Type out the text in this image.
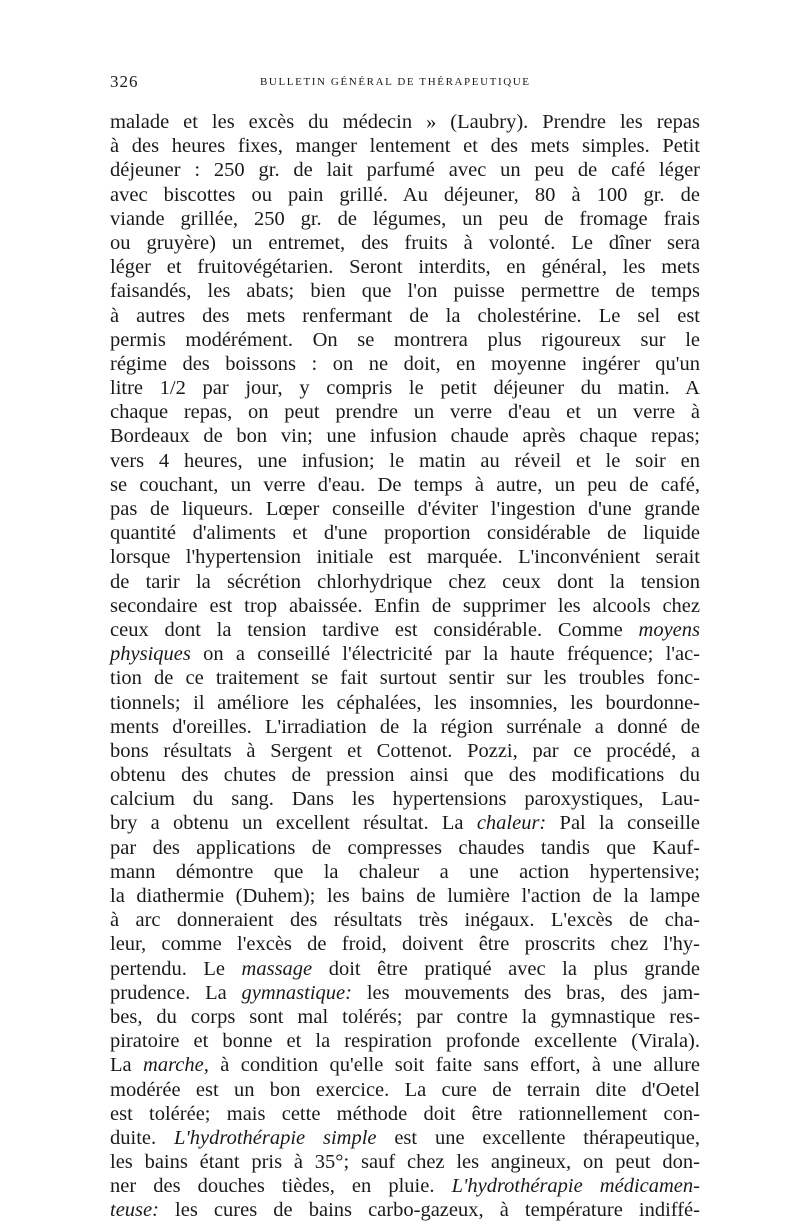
326	BULLETIN GÉNÉRAL DE THÉRAPEUTIQUE
malade et les excès du médecin » (Laubry). Prendre les repas
à des heures fixes, manger lentement et des mets simples. Petit
déjeuner : 250 gr. de lait parfumé avec un peu de café léger
avec biscottes ou pain grillé. Au déjeuner, 80 à 100 gr. de
viande grillée, 250 gr. de légumes, un peu de fromage frais
ou gruyère) un entremet, des fruits à volonté. Le dîner sera
léger et fruitovégétarien. Seront interdits, en général, les mets
faisandés, les abats; bien que l'on puisse permettre de temps
à autres des mets renfermant de la cholestérine. Le sel est
permis modérément. On se montrera plus rigoureux sur le
régime des boissons : on ne doit, en moyenne ingérer qu'un
litre 1/2 par jour, y compris le petit déjeuner du matin. A
chaque repas, on peut prendre un verre d'eau et un verre à
Bordeaux de bon vin; une infusion chaude après chaque repas;
vers 4 heures, une infusion; le matin au réveil et le soir en
se couchant, un verre d'eau. De temps à autre, un peu de café,
pas de liqueurs. Lœper conseille d'éviter l'ingestion d'une grande
quantité d'aliments et d'une proportion considérable de liquide
lorsque l'hypertension initiale est marquée. L'inconvénient serait
de tarir la sécrétion chlorhydrique chez ceux dont la tension
secondaire est trop abaissée. Enfin de supprimer les alcools chez
ceux dont la tension tardive est considérable. Comme moyens
physiques on a conseillé l'électricité par la haute fréquence; l'ac-
tion de ce traitement se fait surtout sentir sur les troubles fonc-
tionnels; il améliore les céphalées, les insomnies, les bourdonne-
ments d'oreilles. L'irradiation de la région surrénale a donné de
bons résultats à Sergent et Cottenot. Pozzi, par ce procédé, a
obtenu des chutes de pression ainsi que des modifications du
calcium du sang. Dans les hypertensions paroxystiques, Lau-
bry a obtenu un excellent résultat. La chaleur: Pal la conseille
par des applications de compresses chaudes tandis que Kauf-
mann démontre que la chaleur a une action hypertensive;
la diathermie (Duhem); les bains de lumière l'action de la lampe
à arc donneraient des résultats très inégaux. L'excès de cha-
leur, comme l'excès de froid, doivent être proscrits chez l'hy-
pertendu. Le massage doit être pratiqué avec la plus grande
prudence. La gymnastique: les mouvements des bras, des jam-
bes, du corps sont mal tolérés; par contre la gymnastique res-
piratoire et bonne et la respiration profonde excellente (Virala).
La marche, à condition qu'elle soit faite sans effort, à une allure
modérée est un bon exercice. La cure de terrain dite d'Oetel
est tolérée; mais cette méthode doit être rationnellement con-
duite. L'hydrothérapie simple est une excellente thérapeutique,
les bains étant pris à 35°; sauf chez les angineux, on peut don-
ner des douches tièdes, en pluie. L'hydrothérapie médicamen-
teuse: les cures de bains carbo-gazeux, à température indiffé-
